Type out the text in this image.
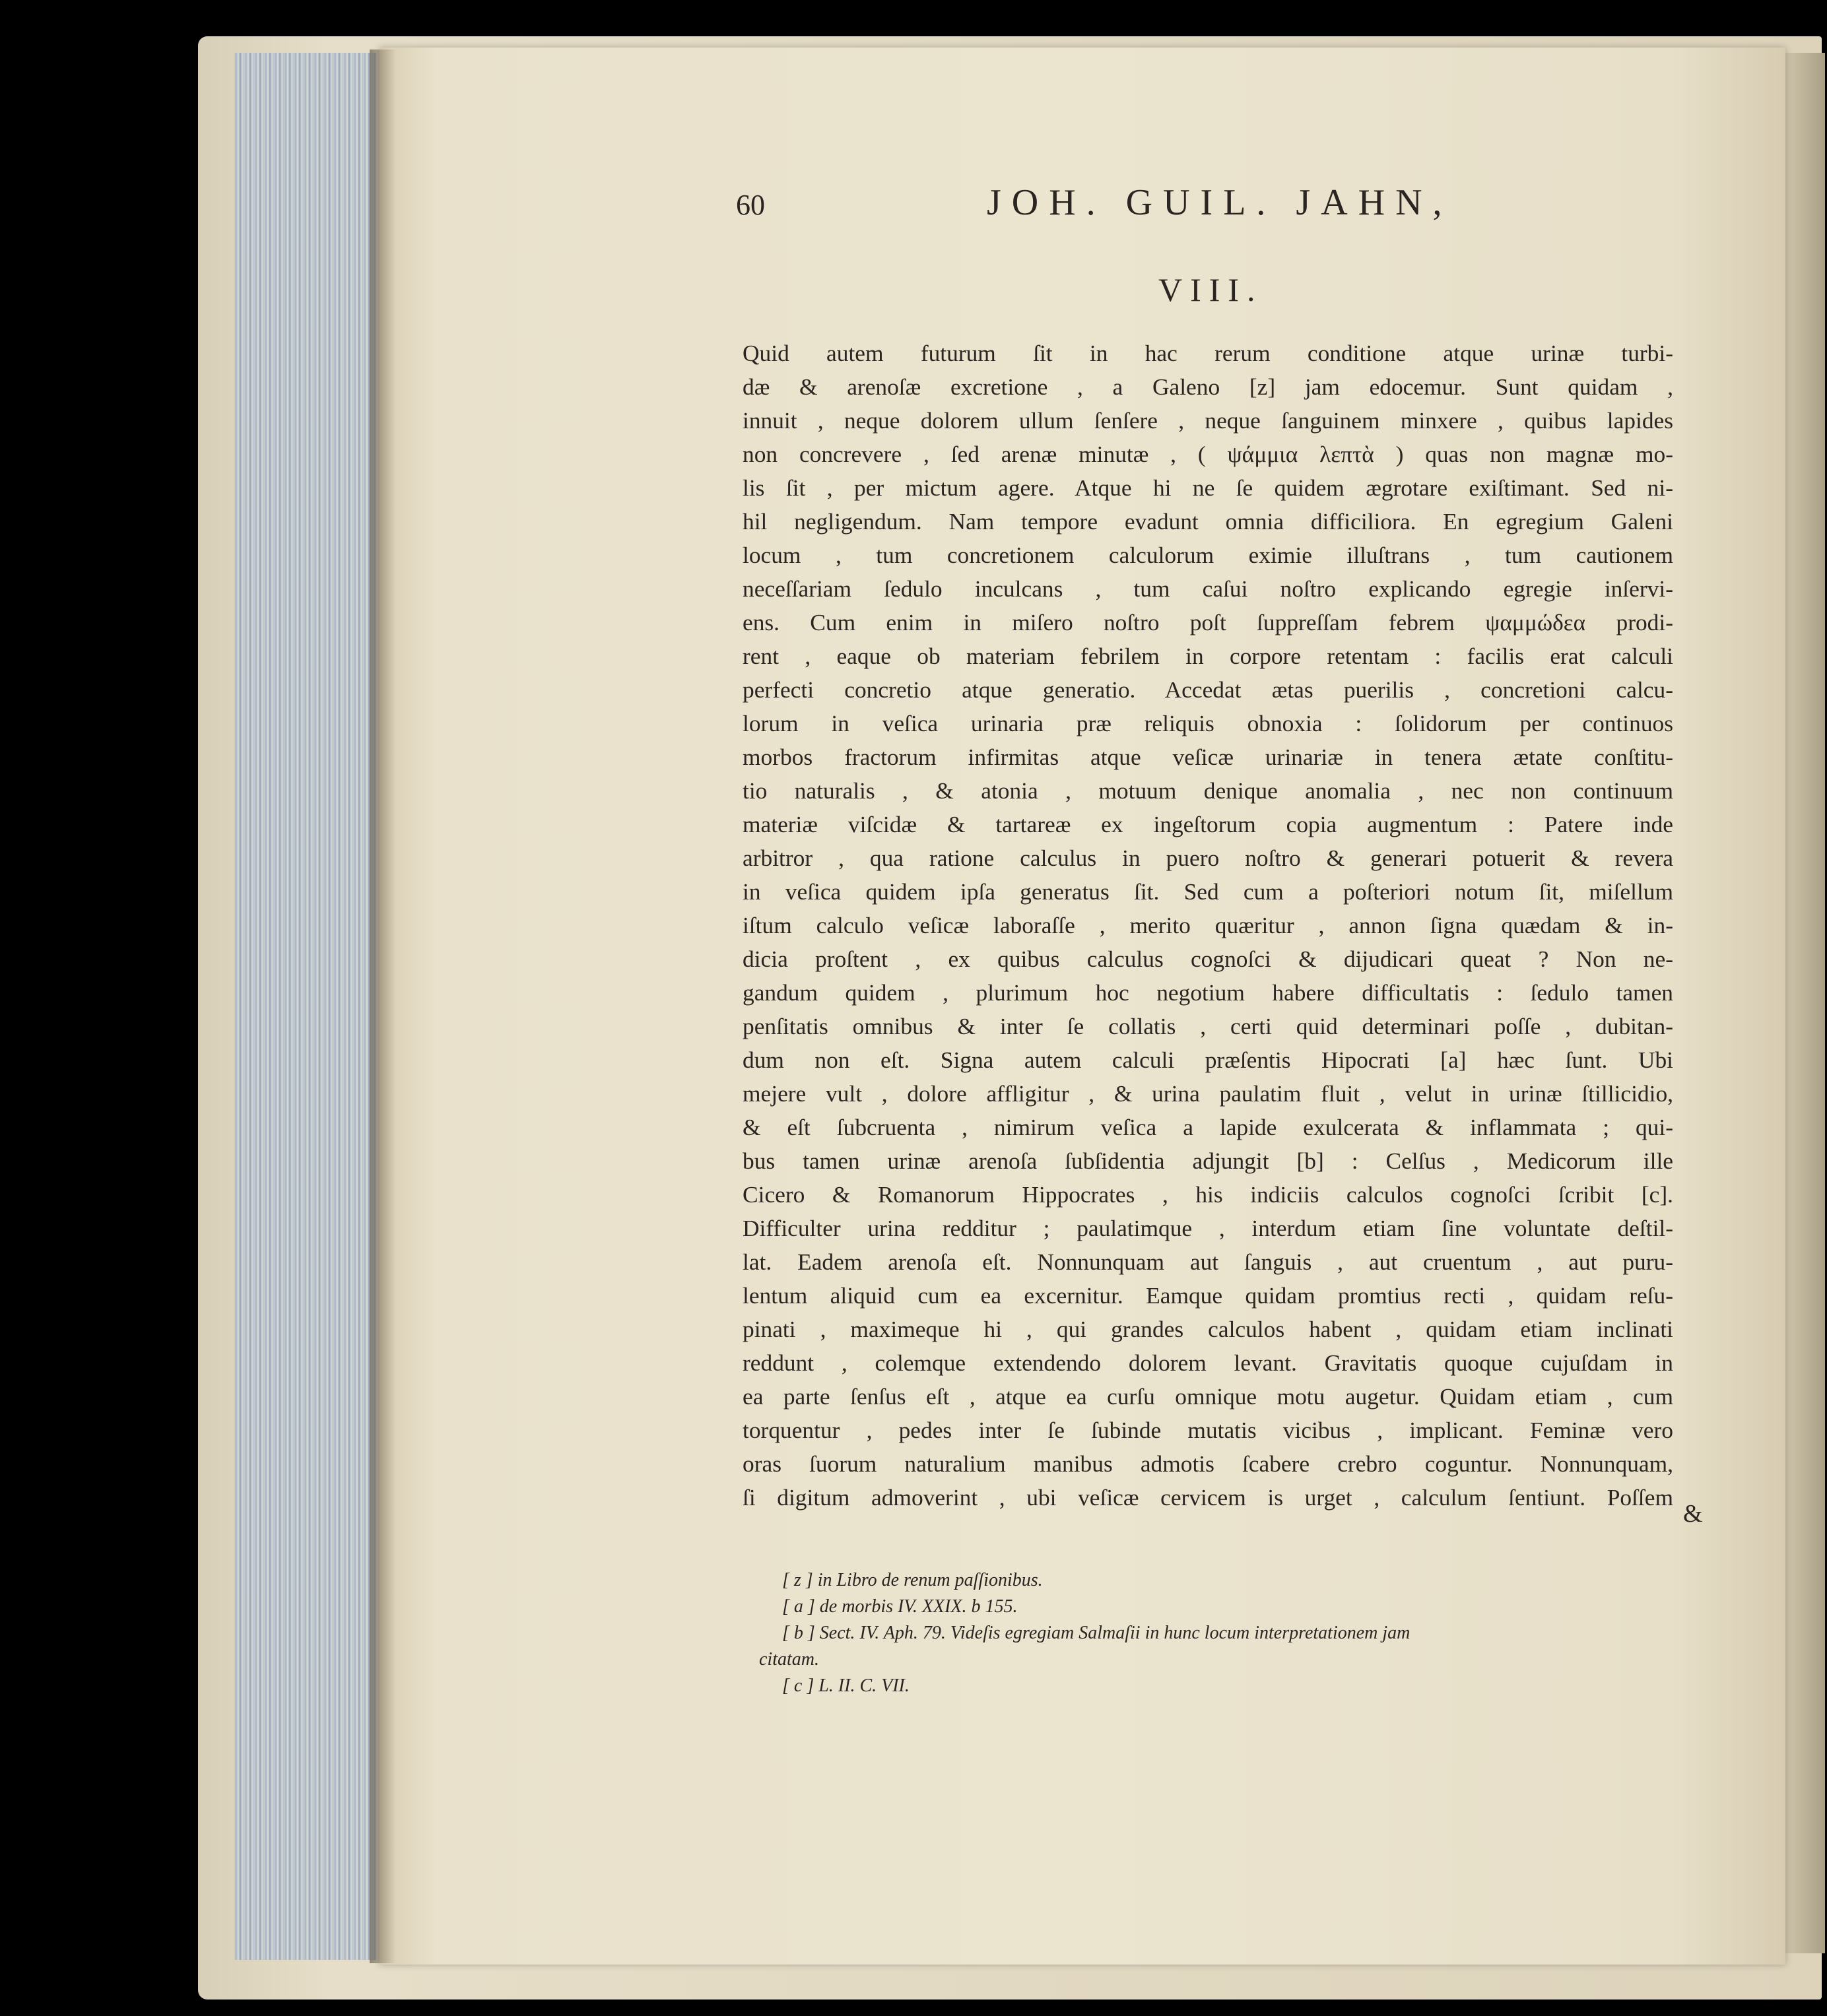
60	JOH. GUIL. JAHN,
VIII.
Quid autem futurum ſit in hac rerum conditione atque urinæ turbi-
dæ & arenoſæ excretione , a Galeno [z] jam edocemur. Sunt quidam ,
innuit , neque dolorem ullum ſenſere , neque ſanguinem minxere , quibus lapides
non concrevere , ſed arenæ minutæ , ( ψάμμια λεπτὰ ) quas non magnæ mo-
lis ſit , per mictum agere. Atque hi ne ſe quidem ægrotare exiſtimant. Sed ni-
hil negligendum. Nam tempore evadunt omnia difficiliora. En egregium Galeni
locum , tum concretionem calculorum eximie illuſtrans , tum cautionem
neceſſariam ſedulo inculcans , tum caſui noſtro explicando egregie inſervi-
ens. Cum enim in miſero noſtro poſt ſuppreſſam febrem ψαμμώδεα prodi-
rent , eaque ob materiam febrilem in corpore retentam : facilis erat calculi
perfecti concretio atque generatio. Accedat ætas puerilis , concretioni calcu-
lorum in veſica urinaria præ reliquis obnoxia : ſolidorum per continuos
morbos fractorum infirmitas atque veſicæ urinariæ in tenera ætate conſtitu-
tio naturalis , & atonia , motuum denique anomalia , nec non continuum
materiæ viſcidæ & tartareæ ex ingeſtorum copia augmentum : Patere inde
arbitror , qua ratione calculus in puero noſtro & generari potuerit & revera
in veſica quidem ipſa generatus ſit. Sed cum a poſteriori notum ſit, miſellum
iſtum calculo veſicæ laboraſſe , merito quæritur , annon ſigna quædam & in-
dicia proſtent , ex quibus calculus cognoſci & dijudicari queat ? Non ne-
gandum quidem , plurimum hoc negotium habere difficultatis : ſedulo tamen
penſitatis omnibus & inter ſe collatis , certi quid determinari poſſe , dubitan-
dum non eſt. Signa autem calculi præſentis Hipocrati [a] hæc ſunt. Ubi
mejere vult , dolore affligitur , & urina paulatim fluit , velut in urinæ ſtillicidio,
& eſt ſubcruenta , nimirum veſica a lapide exulcerata & inflammata ; qui-
bus tamen urinæ arenoſa ſubſidentia adjungit [b] : Celſus , Medicorum ille
Cicero & Romanorum Hippocrates , his indiciis calculos cognoſci ſcribit [c].
Difficulter urina redditur ; paulatimque , interdum etiam ſine voluntate deſtil-
lat. Eadem arenoſa eſt. Nonnunquam aut ſanguis , aut cruentum , aut puru-
lentum aliquid cum ea excernitur. Eamque quidam promtius recti , quidam reſu-
pinati , maximeque hi , qui grandes calculos habent , quidam etiam inclinati
reddunt , colemque extendendo dolorem levant. Gravitatis quoque cujuſdam in
ea parte ſenſus eſt , atque ea curſu omnique motu augetur. Quidam etiam , cum
torquentur , pedes inter ſe ſubinde mutatis vicibus , implicant. Feminæ vero
oras ſuorum naturalium manibus admotis ſcabere crebro coguntur. Nonnunquam,
ſi digitum admoverint , ubi veſicæ cervicem is urget , calculum ſentiunt. Poſſem
&
[ z ] in Libro de renum paſſionibus.
[ a ] de morbis IV. XXIX. b 155.
[ b ] Sect. IV. Aph. 79. Videſis egregiam Salmaſii in hunc locum interpretationem jam
citatam.
[ c ] L. II. C. VII.
